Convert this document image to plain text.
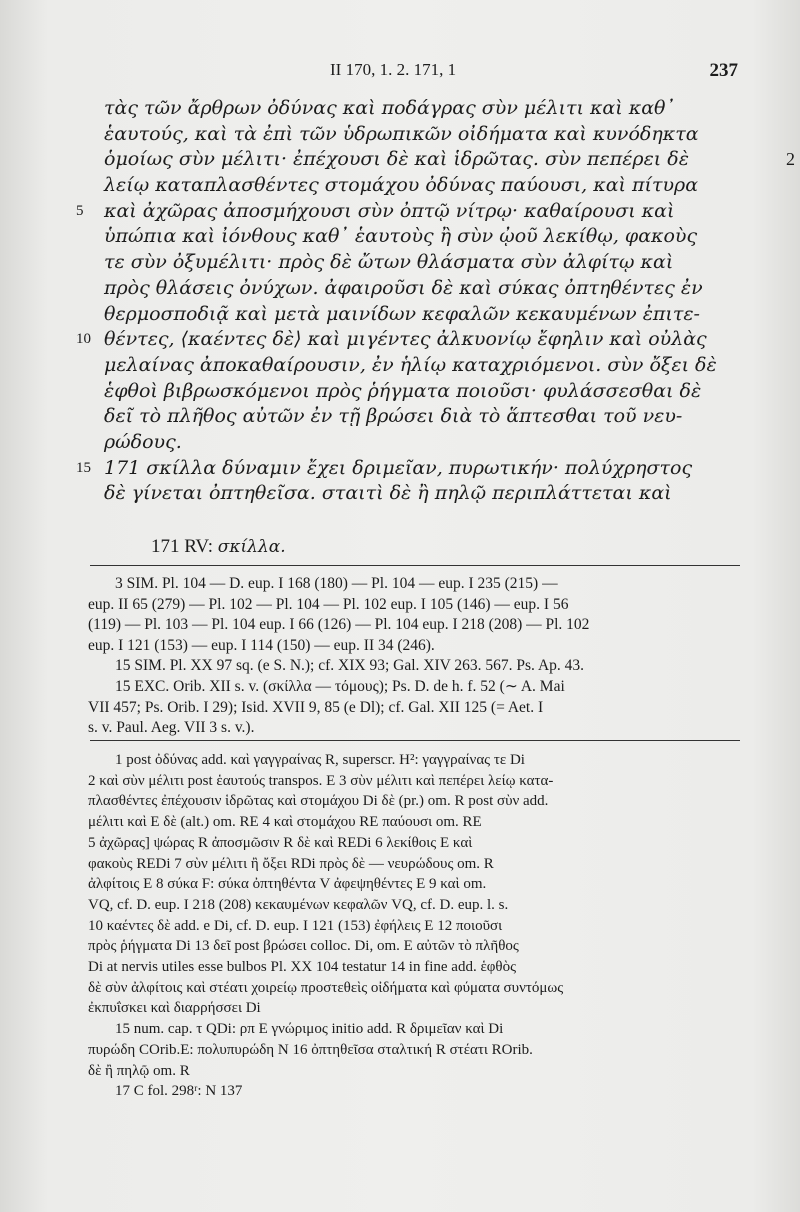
II 170, 1. 2. 171, 1	237
τὰς τῶν ἄρθρων ὀδύνας καὶ ποδάγρας σὺν μέλιτι καὶ καθ᾽
ἑαυτούς, καὶ τὰ ἐπὶ τῶν ὑδρωπικῶν οἰδήματα καὶ κυνόδηκτα
ὁμοίως σὺν μέλιτι· ἐπέχουσι δὲ καὶ ἱδρῶτας. σὺν πεπέρει δὲ	2
λείῳ καταπλασθέντες στομάχου ὀδύνας παύουσι, καὶ πίτυρα
5 καὶ ἀχῶρας ἀποσμήχουσι σὺν ὀπτῷ νίτρῳ· καθαίρουσι καὶ
ὑπώπια καὶ ἰόνθους καθ᾽ ἑαυτοὺς ἢ σὺν ᾠοῦ λεκίθῳ, φακοὺς
τε σὺν ὀξυμέλιτι· πρὸς δὲ ὤτων θλάσματα σὺν ἀλφίτῳ καὶ
πρὸς θλάσεις ὀνύχων. ἀφαιροῦσι δὲ καὶ σύκας ὀπτηθέντες ἐν
θερμοσποδιᾷ καὶ μετὰ μαινίδων κεφαλῶν κεκαυμένων ἐπιτε-
10 θέντες, ⟨καέντες δὲ⟩ καὶ μιγέντες ἀλκυονίῳ ἔφηλιν καὶ οὐλὰς
μελαίνας ἀποκαθαίρουσιν, ἐν ἡλίῳ καταχριόμενοι. σὺν ὄξει δὲ
ἑφθοὶ βιβρωσκόμενοι πρὸς ῥήγματα ποιοῦσι· φυλάσσεσθαι δὲ
δεῖ τὸ πλῆθος αὐτῶν ἐν τῇ βρώσει διὰ τὸ ἅπτεσθαι τοῦ νευ-
ρώδους.
15 171 σκίλλα δύναμιν ἔχει δριμεῖαν, πυρωτικήν· πολύχρηστος
δὲ γίνεται ὀπτηθεῖσα. σταιτὶ δὲ ἢ πηλῷ περιπλάττεται καὶ
171 RV: σκίλλα.

3 SIM. Pl. 104 — D. eup. I 168 (180) — Pl. 104 — eup. I 235 (215) —

eup. II 65 (279) — Pl. 102 — Pl. 104 — Pl. 102 eup. I 105 (146) — eup. I 56

(119) — Pl. 103 — Pl. 104 eup. I 66 (126) — Pl. 104 eup. I 218 (208) — Pl. 102

eup. I 121 (153) — eup. I 114 (150) — eup. II 34 (246).

15 SIM. Pl. XX 97 sq. (e S. N.); cf. XIX 93; Gal. XIV 263. 567. Ps. Ap. 43.

15 EXC. Orib. XII s. v. (σκίλλα — τόμους); Ps. D. de h. f. 52 (∼ A. Mai

VII 457; Ps. Orib. I 29); Isid. XVII 9, 85 (e Dl); cf. Gal. XII 125 (= Aet. I

s. v. Paul. Aeg. VII 3 s. v.).

1 post ὀδύνας add. καὶ γαγγραίνας R, superscr. H²: γαγγραίνας τε Di

2 καὶ σὺν μέλιτι post ἑαυτούς transpos. E 3 σὺν μέλιτι καὶ πεπέρει λείῳ κατα-

πλασθέντες ἐπέχουσιν ἱδρῶτας καὶ στομάχου Di δὲ (pr.) om. R post σὺν add.

μέλιτι καὶ E δὲ (alt.) om. RE 4 καὶ στομάχου RE παύουσι om. RE

5 ἀχῶρας] ψώρας R ἀποσμῶσιν R δὲ καὶ REDi 6 λεκίθοις E καὶ

φακοὺς REDi 7 σὺν μέλιτι ἢ ὄξει RDi πρὸς δὲ — νευρώδους om. R

ἀλφίτοις E 8 σύκα F: σύκα ὀπτηθέντα V ἀφεψηθέντες E 9 καὶ om.

VQ, cf. D. eup. I 218 (208) κεκαυμένων κεφαλῶν VQ, cf. D. eup. l. s.

10 καέντες δὲ add. e Di, cf. D. eup. I 121 (153) ἐφήλεις E 12 ποιοῦσι

πρὸς ῥήγματα Di 13 δεῖ post βρώσει colloc. Di, om. E αὐτῶν τὸ πλῆθος

Di at nervis utiles esse bulbos Pl. XX 104 testatur 14 in fine add. ἑφθὸς

δὲ σὺν ἀλφίτοις καὶ στέατι χοιρείῳ προστεθεὶς οἰδήματα καὶ φύματα συντόμως

ἐκπυΐσκει καὶ διαρρήσσει Di

15 num. cap. τ QDi: ρπ E γνώριμος initio add. R δριμεῖαν καὶ Di

πυρώδη COrib.E: πολυπυρώδη N 16 ὀπτηθεῖσα σταλτική R στέατι ROrib.

δὲ ἢ πηλῷ om. R

17 C fol. 298ʳ: N 137
